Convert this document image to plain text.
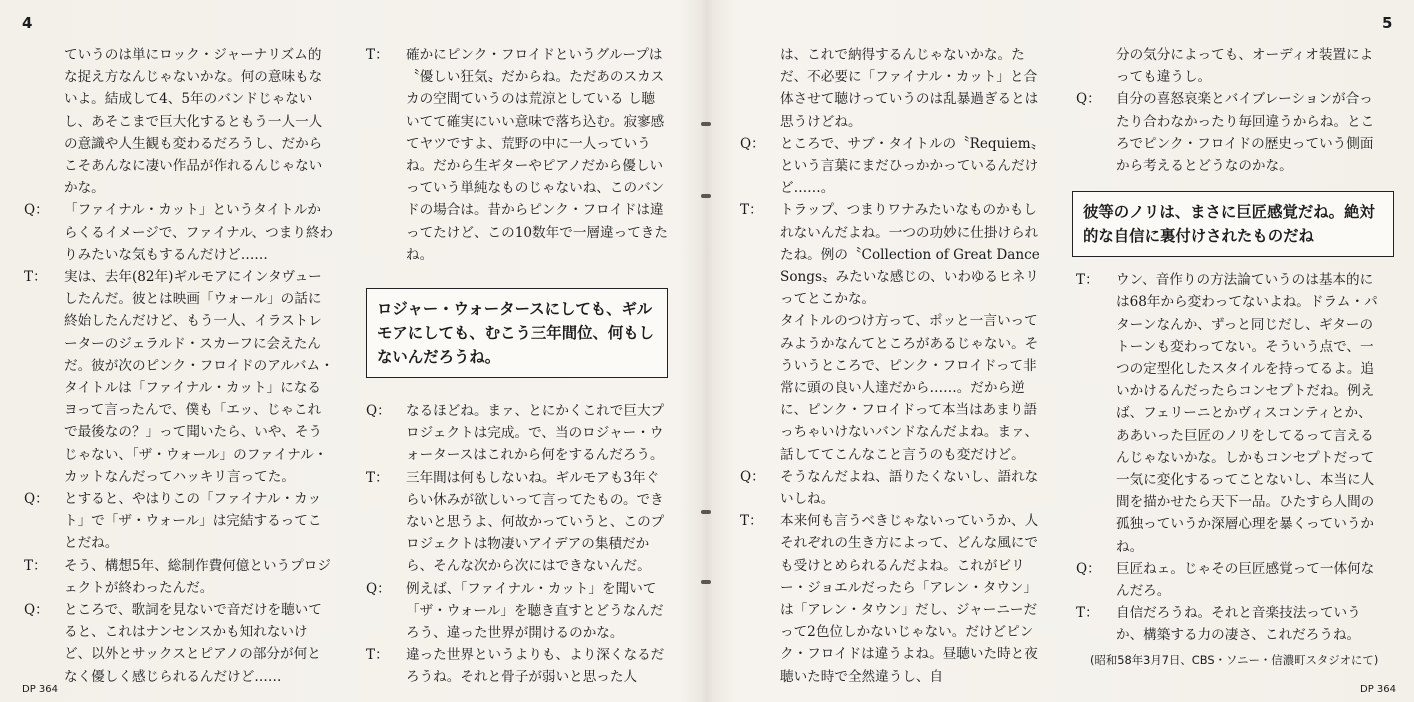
4	5
ていうのは単にロック・ジャーナリズム的な捉え方なんじゃないかな。何の意味もないよ。結成して4、5年のバンドじゃないし、あそこまで巨大化するともう一人一人の意識や人生観も変わるだろうし、だからこそあんなに凄い作品が作れるんじゃないかな。
Q：	「ファイナル・カット」というタイトルからくるイメージで、ファイナル、つまり終わりみたいな気もするんだけど……
T：	実は、去年(82年)ギルモアにインタヴューしたんだ。彼とは映画「ウォール」の話に終始したんだけど、もう一人、イラストレーターのジェラルド・スカーフに会えたんだ。彼が次のピンク・フロイドのアルバム・タイトルは「ファイナル・カット」になるヨって言ったんで、僕も「エッ、じゃこれで最後なの？」って聞いたら、いや、そうじゃない、「ザ・ウォール」のファイナル・カットなんだってハッキリ言ってた。
Q：	とすると、やはりこの「ファイナル・カット」で「ザ・ウォール」は完結するってことだね。
T：	そう、構想5年、総制作費何億というプロジェクトが終わったんだ。
Q：	ところで、歌詞を見ないで音だけを聴いてると、これはナンセンスかも知れないけど、以外とサックスとピアノの部分が何となく優しく感じられるんだけど……
T：	確かにピンク・フロイドというグループは〝優しい狂気〟だからね。ただあのスカスカの空間ていうのは荒涼としている し聴いてて確実にいい意味で落ち込む。寂寥感てヤツですよ、荒野の中に一人っていうね。だから生ギターやピアノだから優しいっていう単純なものじゃないね、このバンドの場合は。昔からピンク・フロイドは違ってたけど、この10数年で一層違ってきたね。
ロジャー・ウォータースにしても、ギルモアにしても、むこう三年間位、何もしないんだろうね。
Q：	なるほどね。まァ、とにかくこれで巨大プロジェクトは完成。で、当のロジャー・ウォータースはこれから何をするんだろう。
T：	三年間は何もしないね。ギルモアも3年ぐらい休みが欲しいって言ってたもの。できないと思うよ、何故かっていうと、このプロジェクトは物凄いアイデアの集積だから、そんな次から次にはできないんだ。
Q：	例えば、「ファイナル・カット」を聞いて「ザ・ウォール」を聴き直すとどうなんだろう、違った世界が開けるのかな。
T：	違った世界というよりも、より深くなるだろうね。それと骨子が弱いと思った人
は、これで納得するんじゃないかな。ただ、不必要に「ファイナル・カット」と合体させて聴けっていうのは乱暴過ぎるとは思うけどね。
Q：	ところで、サブ・タイトルの〝Requiem〟という言葉にまだひっかかっているんだけど……。
T：	トラップ、つまりワナみたいなものかもしれないんだよね。一つの功妙に仕掛けられたね。例の〝Collection of Great Dance Songs〟みたいな感じの、いわゆるヒネリってとこかな。
タイトルのつけ方って、ポッと一言いってみようかなんてところがあるじゃない。そういうところで、ピンク・フロイドって非常に頭の良い人達だから……。だから逆に、ピンク・フロイドって本当はあまり語っちゃいけないバンドなんだよね。まァ、話しててこんなこと言うのも変だけど。
Q：	そうなんだよね、語りたくないし、語れないしね。
T：	本来何も言うべきじゃないっていうか、人それぞれの生き方によって、どんな風にでも受けとめられるんだよね。これがビリー・ジョエルだったら「アレン・タウン」は「アレン・タウン」だし、ジャーニーだって2色位しかないじゃない。だけどピンク・フロイドは違うよね。昼聴いた時と夜聴いた時で全然違うし、自
分の気分によっても、オーディオ装置によっても違うし。
Q：	自分の喜怒哀楽とバイブレーションが合ったり合わなかったり毎回違うからね。ところでピンク・フロイドの歴史っていう側面から考えるとどうなのかな。
彼等のノリは、まさに巨匠感覚だね。絶対的な自信に裏付けされたものだね
T：	ウン、音作りの方法論ていうのは基本的には68年から変わってないよね。ドラム・パターンなんか、ずっと同じだし、ギターのトーンも変わってない。そういう点で、一つの定型化したスタイルを持ってるよ。追いかけるんだったらコンセプトだね。例えば、フェリーニとかヴィスコンティとか、ああいった巨匠のノリをしてるって言えるんじゃないかな。しかもコンセプトだって一気に変化するってことないし、本当に人間を描かせたら天下一品。ひたすら人間の孤独っていうか深層心理を暴くっていうかね。
Q：	巨匠ねェ。じゃその巨匠感覚って一体何なんだろ。
T：	自信だろうね。それと音楽技法っていうか、構築する力の凄さ、これだろうね。
(昭和58年3月7日、CBS・ソニー・信濃町スタジオにて)
DP 364	DP 364
